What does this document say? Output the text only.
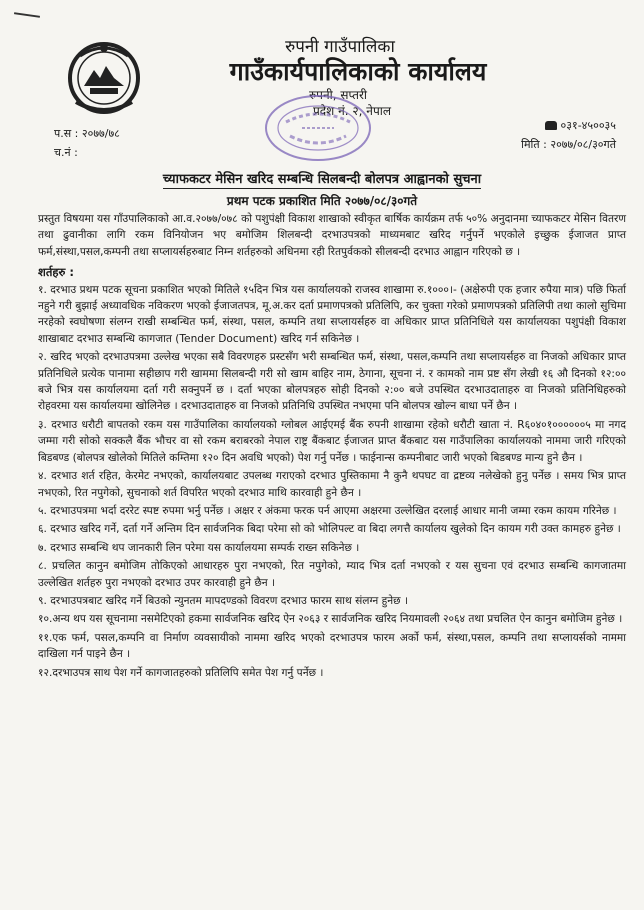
रुपनी गाउँपालिका
गाउँकार्यपालिकाको कार्यालय
रुपनी, सप्तरी
प्रदेश नं. २, नेपाल
प.स : २०७७/७८
च.नं :
०३१-४५००३५
मिति : २०७७/०८/३०गते
च्याफकटर मेसिन खरिद सम्बन्धि सिलबन्दी बोलपत्र आह्वानको सुचना
प्रथम पटक प्रकाशित मिति २०७७/०८/३०गते

प्रस्तुत विषयमा यस गाँउपालिकाको आ.व.२०७७/०७८ को पशुपंक्षी विकाश शाखाको स्वीकृत बार्षिक कार्यक्रम तर्फ ५०% अनुदानमा च्याफकटर मेसिन वितरण तथा ढुवानीका लागि रकम विनियोजन भए बमोजिम शिलबन्दी दरभाउपत्रको माध्यमबाट खरिद गर्नुपर्ने भएकोले इच्छुक ईजाजत प्राप्त फर्म,संस्था,पसल,कम्पनी तथा सप्लायर्सहरुबाट निम्न शर्तहरुको अधिनमा रही रितपुर्वकको सीलबन्दी दरभाउ आह्वान गरिएको छ ।

शर्तहरु :

१. दरभाउ प्रथम पटक सूचना प्रकाशित भएको मितिले १५दिन भित्र यस कार्यालयको राजस्व शाखामा रु.१०००।- (अक्षेरुपी एक हजार रुपैया मात्र) पछि फिर्ता नहुने गरी बुझाई अध्यावधिक नविकरण भएको ईजाजतपत्र, मू.अ.कर दर्ता प्रमाणपत्रको प्रतिलिपि, कर चुक्ता गरेको प्रमाणपत्रको प्रतिलिपी तथा कालो सुचिमा नरहेको स्वघोषणा संलग्न राखी सम्बन्धित फर्म, संस्था, पसल, कम्पनि तथा सप्लायर्सहरु वा अधिकार प्राप्त प्रतिनिधिले यस कार्यालयका पशुपंक्षी विकाश शाखाबाट दरभाउ सम्बन्धि कागजात (Tender Document) खरिद गर्न सकिनेछ ।

२. खरिद भएको दरभाउपत्रमा उल्लेख भएका सबै विवरणहरु प्रस्टसँग भरी सम्बन्धित फर्म, संस्था, पसल,कम्पनि तथा सप्लायर्सहरु वा निजको अधिकार प्राप्त प्रतिनिधिले प्रत्येक पानामा सहीछाप गरी खाममा सिलबन्दी गरी सो खाम बाहिर नाम, ठेगाना, सूचना नं. र कामको नाम प्रष्ट सँग लेखी १६ औ दिनको १२:०० बजे भित्र यस कार्यालयमा दर्ता गरी सक्नुपर्ने छ । दर्ता भएका बोलपत्रहरु सोही दिनको २:०० बजे उपस्थित दरभाउदाताहरु वा निजको प्रतिनिधिहरुको रोहवरमा यस कार्यालयमा खोलिनेछ । दरभाउदाताहरु वा निजको प्रतिनिधि उपस्थित नभएमा पनि बोलपत्र खोल्न बाधा पर्ने छैन ।

३. दरभाउ धरौटी बापतको रकम यस गाउँपालिका कार्यालयको ग्लोबल आईएमई बैंक रुपनी शाखामा रहेको धरौटी खाता नं. R६०४०१००००००५ मा नगद जम्मा गरी सोको सक्कलै बैंक भौचर वा सो रकम बराबरको नेपाल राष्ट्र बैंकबाट ईजाजत प्राप्त बैंकबाट यस गाउँपालिका कार्यालयको नाममा जारी गरिएको बिडबण्ड (बोलपत्र खोलेको मितिले कम्तिमा १२० दिन अवधि भएको) पेश गर्नु पर्नेछ । फाईनान्स कम्पनीबाट जारी भएको बिडबण्ड मान्य हुने छैन ।

४. दरभाउ शर्त रहित, केरमेट नभएको, कार्यालयबाट उपलब्ध गराएको दरभाउ पुस्तिकामा नै कुनै थपघट वा द्रष्टव्य नलेखेको हुनु पर्नेछ । समय भित्र प्राप्त नभएको, रित नपुगेको, सुचनाको शर्त विपरित भएको दरभाउ माथि कारवाही हुने छैन ।

५. दरभाउपत्रमा भर्दा दररेट स्पष्ट रुपमा भर्नु पर्नेछ । अक्षर र अंकमा फरक पर्न आएमा अक्षरमा उल्लेखित दरलाई आधार मानी जम्मा रकम कायम गरिनेछ ।

६. दरभाउ खरिद गर्ने, दर्ता गर्ने अन्तिम दिन सार्वजनिक बिदा परेमा सो को भोलिपल्ट वा बिदा लगत्तै कार्यालय खुलेको दिन कायम गरी उक्त कामहरु हुनेछ ।

७. दरभाउ सम्बन्धि थप जानकारी लिन परेमा यस कार्यालयमा सम्पर्क राख्न सकिनेछ ।

८. प्रचलित कानुन बमोजिम तोकिएको आधारहरु पुरा नभएको, रित नपुगेको, म्याद भित्र दर्ता नभएको र यस सुचना एवं दरभाउ सम्बन्धि कागजातमा उल्लेखित शर्तहरु पुरा नभएको दरभाउ उपर कारवाही हुने छैन ।

९. दरभाउपत्रबाट खरिद गर्ने बिउको न्युनतम मापदण्डको विवरण दरभाउ फारम साथ संलग्न हुनेछ ।

१०.अन्य थप यस सूचनामा नसमेटिएको हकमा सार्वजनिक खरिद ऐन २०६३ र सार्वजनिक खरिद नियमावली २०६४ तथा प्रचलित ऐन कानुन बमोजिम हुनेछ ।

११.एक फर्म, पसल,कम्पनि वा निर्माण व्यवसायीको नाममा खरिद भएको दरभाउपत्र फारम अर्को फर्म, संस्था,पसल, कम्पनि तथा सप्लायर्सको नाममा दाखिला गर्न पाइने छैन ।

१२.दरभाउपत्र साथ पेश गर्ने कागजातहरुको प्रतिलिपि समेत पेश गर्नु पर्नेछ ।
